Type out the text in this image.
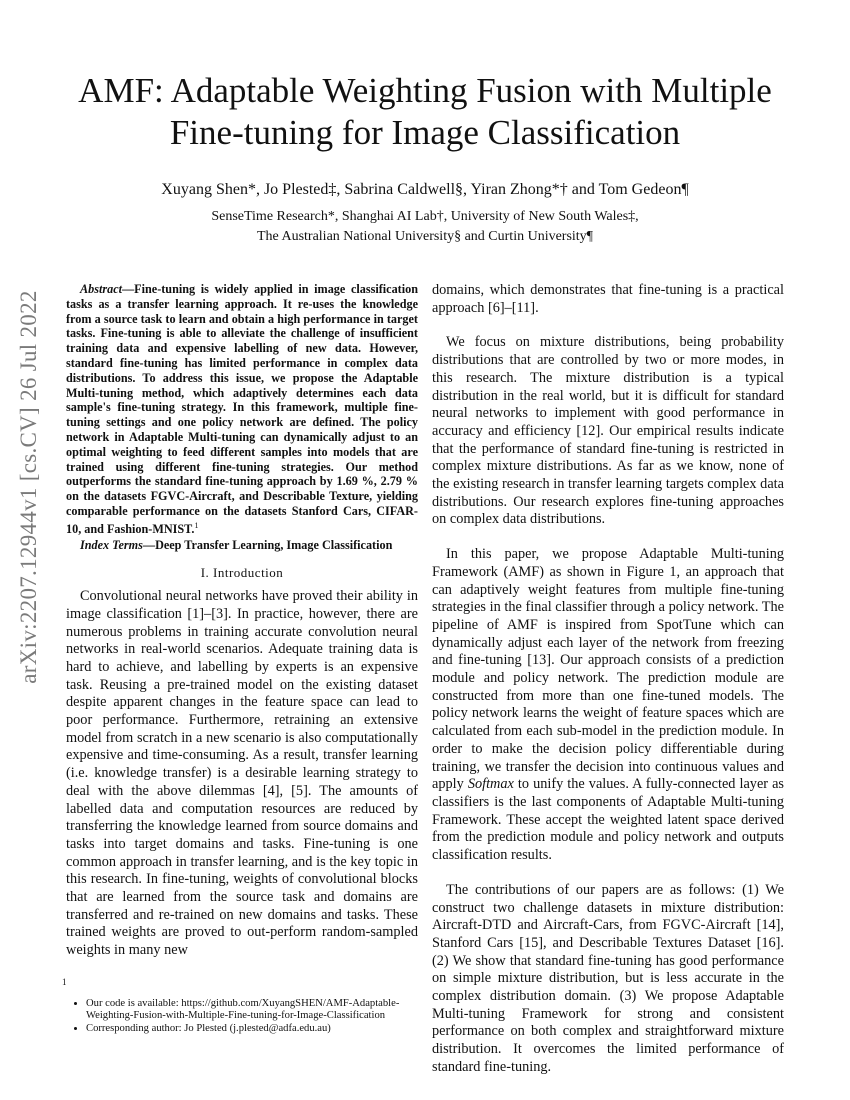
arXiv:2207.12944v1 [cs.CV] 26 Jul 2022
AMF: Adaptable Weighting Fusion with Multiple Fine-tuning for Image Classification
Xuyang Shen*, Jo Plested‡, Sabrina Caldwell§, Yiran Zhong*† and Tom Gedeon¶
SenseTime Research*, Shanghai AI Lab†, University of New South Wales‡,
The Australian National University§ and Curtin University¶

Abstract—Fine-tuning is widely applied in image classification tasks as a transfer learning approach. It re-uses the knowledge from a source task to learn and obtain a high performance in target tasks. Fine-tuning is able to alleviate the challenge of insufficient training data and expensive labelling of new data. However, standard fine-tuning has limited performance in complex data distributions. To address this issue, we propose the Adaptable Multi-tuning method, which adaptively determines each data sample's fine-tuning strategy. In this framework, multiple fine-tuning settings and one policy network are defined. The policy network in Adaptable Multi-tuning can dynamically adjust to an optimal weighting to feed different samples into models that are trained using different fine-tuning strategies. Our method outperforms the standard fine-tuning approach by 1.69 %, 2.79 % on the datasets FGVC-Aircraft, and Describable Texture, yielding comparable performance on the datasets Stanford Cars, CIFAR-10, and Fashion-MNIST.$^1$

Index Terms—Deep Transfer Learning, Image Classification

I. Introduction

Convolutional neural networks have proved their ability in image classification [1]–[3]. In practice, however, there are numerous problems in training accurate convolution neural networks in real-world scenarios. Adequate training data is hard to achieve, and labelling by experts is an expensive task. Reusing a pre-trained model on the existing dataset despite apparent changes in the feature space can lead to poor performance. Furthermore, retraining an extensive model from scratch in a new scenario is also computationally expensive and time-consuming. As a result, transfer learning (i.e. knowledge transfer) is a desirable learning strategy to deal with the above dilemmas [4], [5]. The amounts of labelled data and computation resources are reduced by transferring the knowledge learned from source domains and tasks into target domains and tasks. Fine-tuning is one common approach in transfer learning, and is the key topic in this research. In fine-tuning, weights of convolutional blocks that are learned from the source task and domains are transferred and re-trained on new domains and tasks. These trained weights are proved to out-perform random-sampled weights in many new

1
• Our code is available: https://github.com/XuyangSHEN/AMF-Adaptable-Weighting-Fusion-with-Multiple-Fine-tuning-for-Image-Classification
• Corresponding author: Jo Plested (j.plested@adfa.edu.au)

domains, which demonstrates that fine-tuning is a practical approach [6]–[11].

We focus on mixture distributions, being probability distributions that are controlled by two or more modes, in this research. The mixture distribution is a typical distribution in the real world, but it is difficult for standard neural networks to implement with good performance in accuracy and efficiency [12]. Our empirical results indicate that the performance of standard fine-tuning is restricted in complex mixture distributions. As far as we know, none of the existing research in transfer learning targets complex data distributions. Our research explores fine-tuning approaches on complex data distributions.

In this paper, we propose Adaptable Multi-tuning Framework (AMF) as shown in Figure 1, an approach that can adaptively weight features from multiple fine-tuning strategies in the final classifier through a policy network. The pipeline of AMF is inspired from SpotTune which can dynamically adjust each layer of the network from freezing and fine-tuning [13]. Our approach consists of a prediction module and policy network. The prediction module are constructed from more than one fine-tuned models. The policy network learns the weight of feature spaces which are calculated from each sub-model in the prediction module. In order to make the decision policy differentiable during training, we transfer the decision into continuous values and apply Softmax to unify the values. A fully-connected layer as classifiers is the last components of Adaptable Multi-tuning Framework. These accept the weighted latent space derived from the prediction module and policy network and outputs classification results.

The contributions of our papers are as follows: (1) We construct two challenge datasets in mixture distribution: Aircraft-DTD and Aircraft-Cars, from FGVC-Aircraft [14], Stanford Cars [15], and Describable Textures Dataset [16]. (2) We show that standard fine-tuning has good performance on simple mixture distribution, but is less accurate in the complex distribution domain. (3) We propose Adaptable Multi-tuning Framework for strong and consistent performance on both complex and straightforward mixture distribution. It overcomes the limited performance of standard fine-tuning.
